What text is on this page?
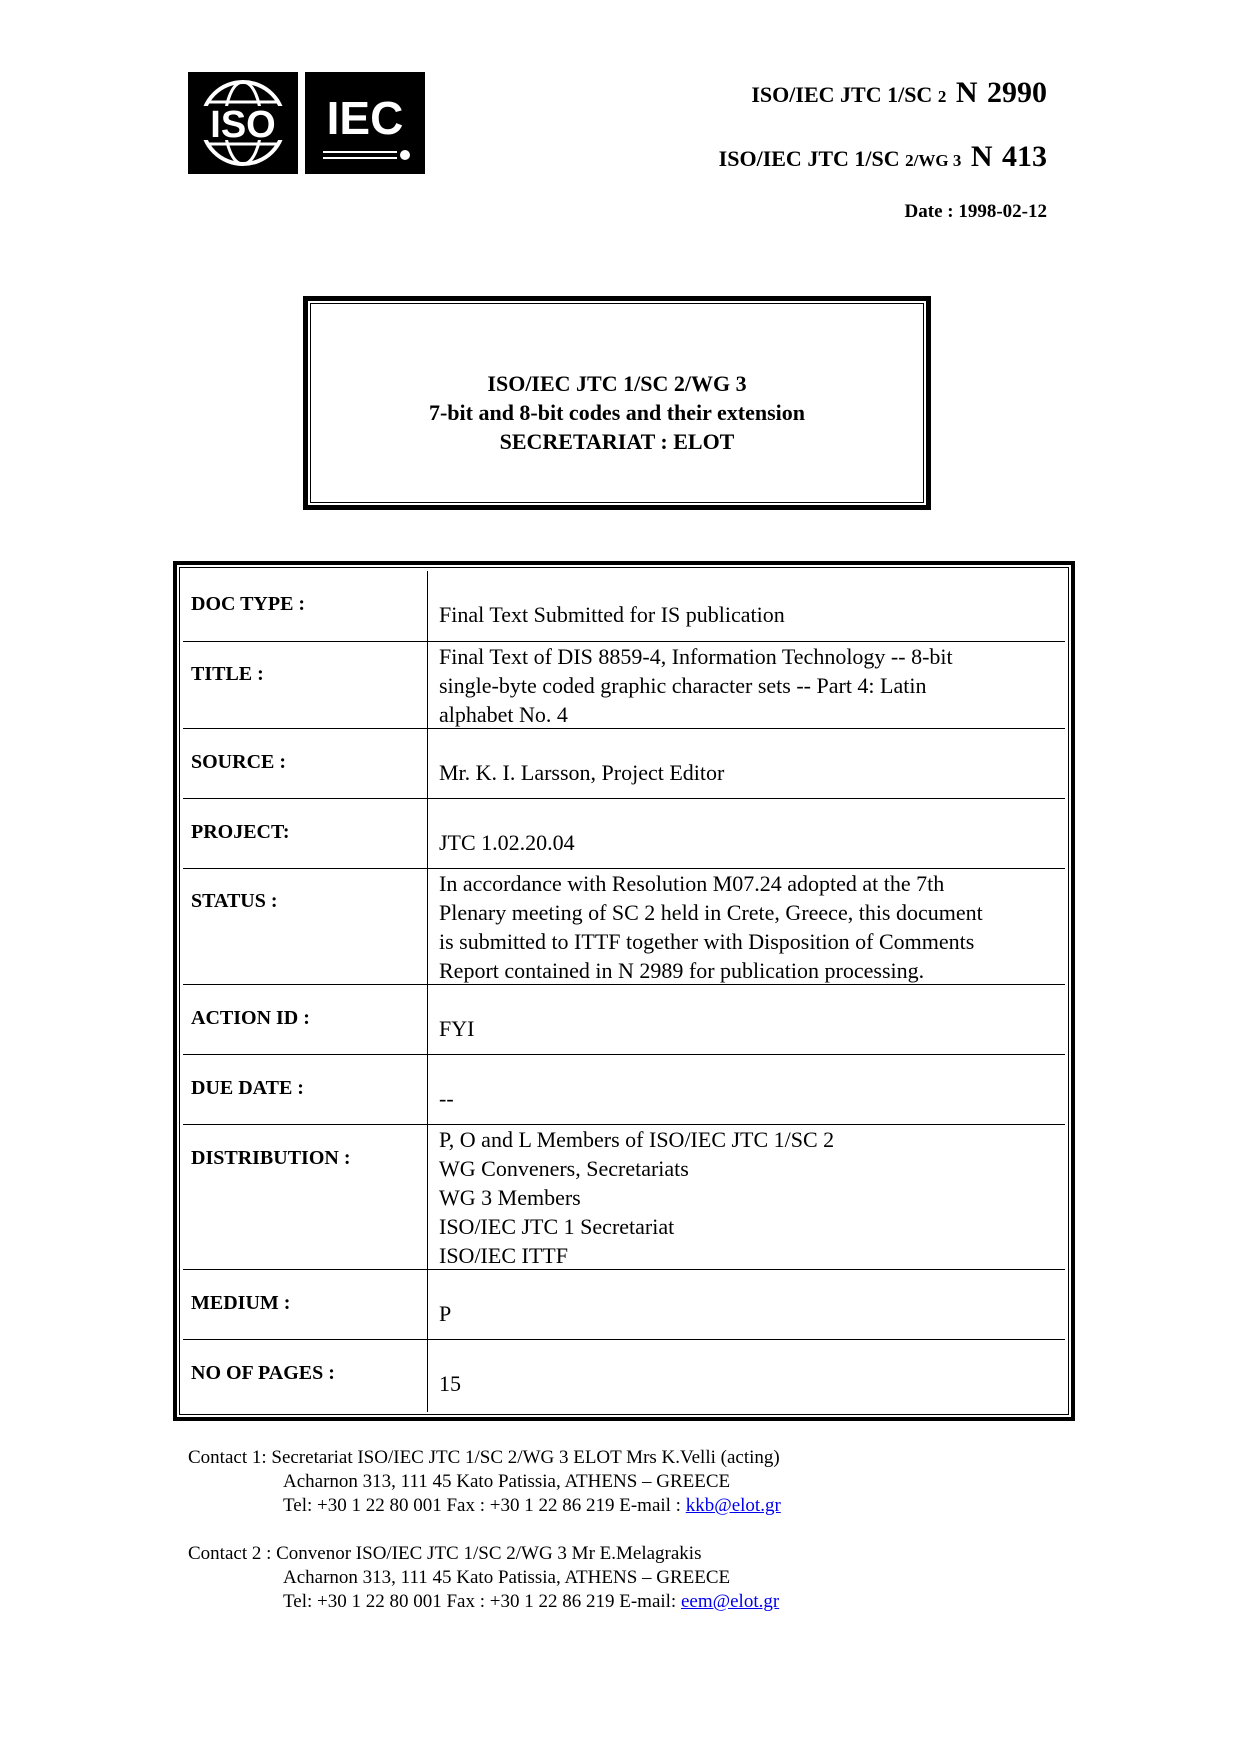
ISO IEC	ISO/IEC JTC 1/SC 2 N 2990
ISO/IEC JTC 1/SC 2/WG 3 N 413
Date : 1998-02-12
ISO/IEC JTC 1/SC 2/WG 3
7-bit and 8-bit codes and their extension
SECRETARIAT : ELOT
DOC TYPE :	Final Text Submitted for IS publication
TITLE :
Final Text of DIS 8859-4, Information Technology -- 8-bit
single-byte coded graphic character sets -- Part 4: Latin
alphabet No. 4
SOURCE :	Mr. K. I. Larsson, Project Editor
PROJECT:	JTC 1.02.20.04
STATUS :
In accordance with Resolution M07.24 adopted at the 7th
Plenary meeting of SC 2 held in Crete, Greece, this document
is submitted to ITTF together with Disposition of Comments
Report contained in N 2989 for publication processing.
ACTION ID :	FYI
DUE DATE :	--
DISTRIBUTION :
P, O and L Members of ISO/IEC JTC 1/SC 2
WG Conveners, Secretariats
WG 3 Members
ISO/IEC JTC 1 Secretariat
ISO/IEC ITTF
MEDIUM :	P
NO OF PAGES :	15
Contact 1: Secretariat ISO/IEC JTC 1/SC 2/WG 3 ELOT Mrs K.Velli (acting)
Acharnon 313, 111 45 Kato Patissia, ATHENS – GREECE
Tel: +30 1 22 80 001 Fax : +30 1 22 86 219 E-mail : kkb@elot.gr
Contact 2 : Convenor ISO/IEC JTC 1/SC 2/WG 3 Mr E.Melagrakis
Acharnon 313, 111 45 Kato Patissia, ATHENS – GREECE
Tel: +30 1 22 80 001 Fax : +30 1 22 86 219 E-mail: eem@elot.gr
